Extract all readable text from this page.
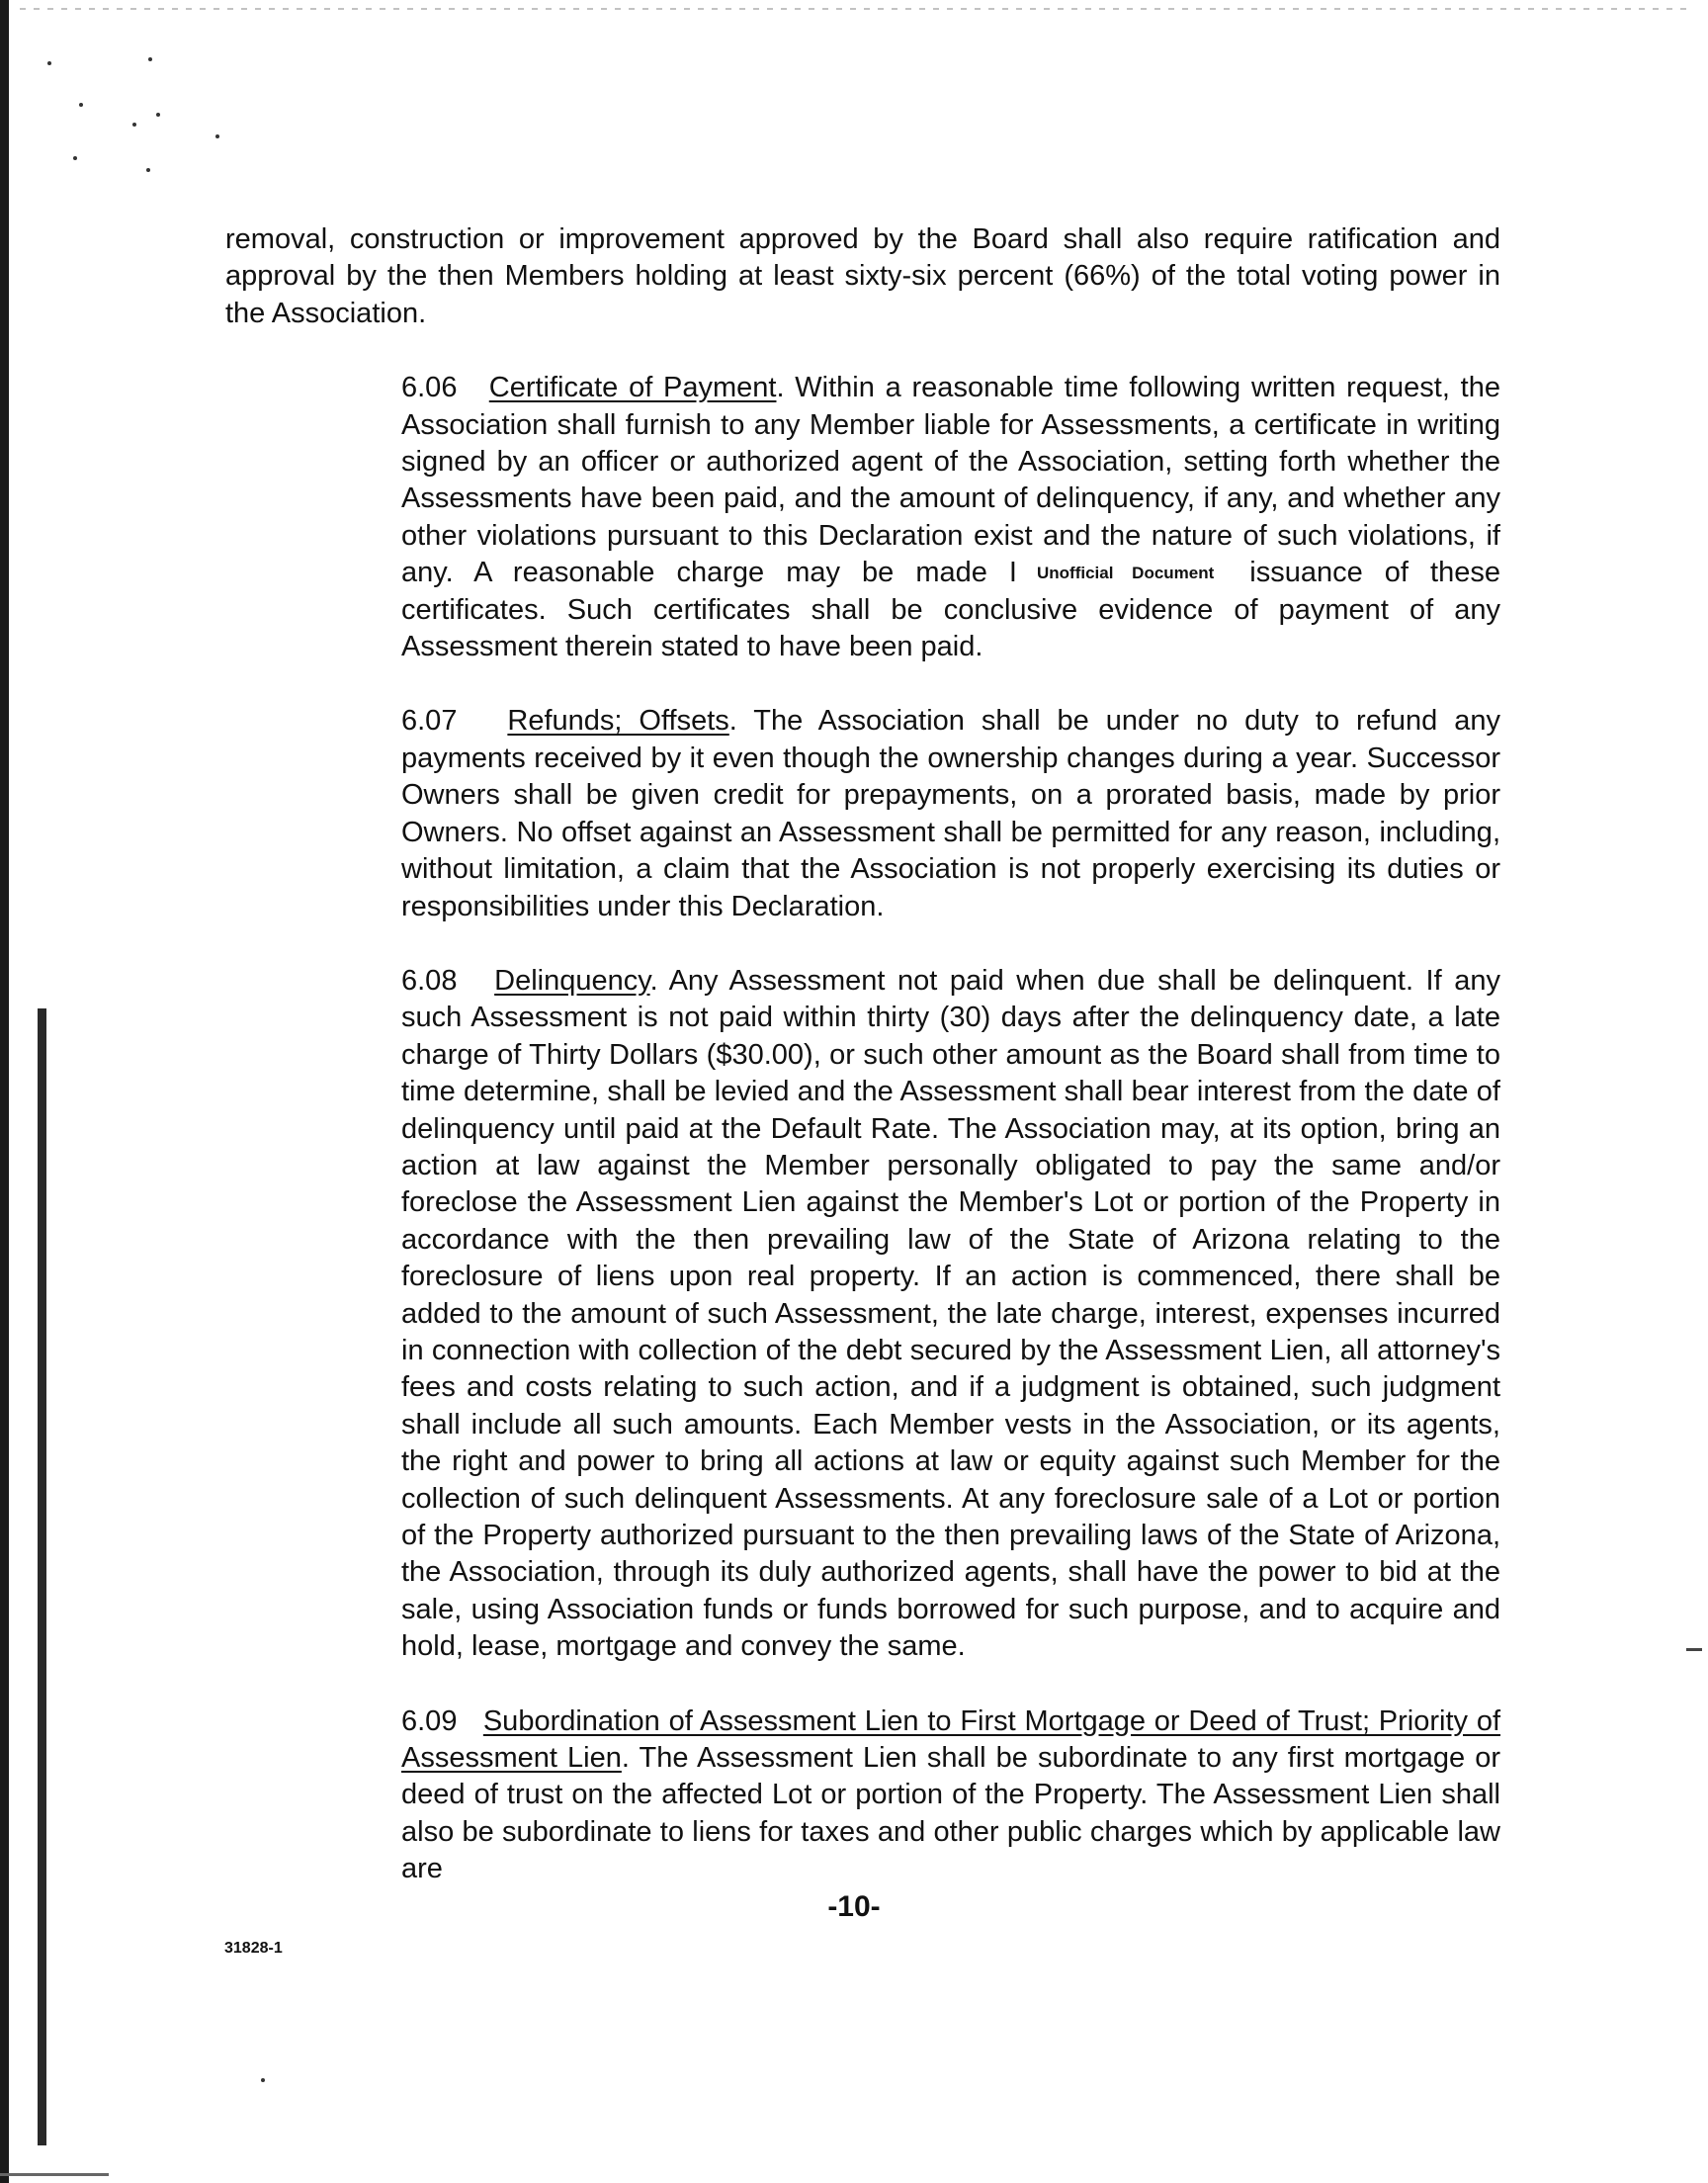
removal, construction or improvement approved by the Board shall also require ratification and approval by the then Members holding at least sixty-six percent (66%) of the total voting power in the Association.

6.06 Certificate of Payment. Within a reasonable time following written request, the Association shall furnish to any Member liable for Assessments, a certificate in writing signed by an officer or authorized agent of the Association, setting forth whether the Assessments have been paid, and the amount of delinquency, if any, and whether any other violations pursuant to this Declaration exist and the nature of such violations, if any. A reasonable charge may be made I Unofficial Document issuance of these certificates. Such certificates shall be conclusive evidence of payment of any Assessment therein stated to have been paid.

6.07 Refunds; Offsets. The Association shall be under no duty to refund any payments received by it even though the ownership changes during a year. Successor Owners shall be given credit for prepayments, on a prorated basis, made by prior Owners. No offset against an Assessment shall be permitted for any reason, including, without limitation, a claim that the Association is not properly exercising its duties or responsibilities under this Declaration.

6.08 Delinquency. Any Assessment not paid when due shall be delinquent. If any such Assessment is not paid within thirty (30) days after the delinquency date, a late charge of Thirty Dollars ($30.00), or such other amount as the Board shall from time to time determine, shall be levied and the Assessment shall bear interest from the date of delinquency until paid at the Default Rate. The Association may, at its option, bring an action at law against the Member personally obligated to pay the same and/or foreclose the Assessment Lien against the Member's Lot or portion of the Property in accordance with the then prevailing law of the State of Arizona relating to the foreclosure of liens upon real property. If an action is commenced, there shall be added to the amount of such Assessment, the late charge, interest, expenses incurred in connection with collection of the debt secured by the Assessment Lien, all attorney's fees and costs relating to such action, and if a judgment is obtained, such judgment shall include all such amounts. Each Member vests in the Association, or its agents, the right and power to bring all actions at law or equity against such Member for the collection of such delinquent Assessments. At any foreclosure sale of a Lot or portion of the Property authorized pursuant to the then prevailing laws of the State of Arizona, the Association, through its duly authorized agents, shall have the power to bid at the sale, using Association funds or funds borrowed for such purpose, and to acquire and hold, lease, mortgage and convey the same.

6.09 Subordination of Assessment Lien to First Mortgage or Deed of Trust; Priority of Assessment Lien. The Assessment Lien shall be subordinate to any first mortgage or deed of trust on the affected Lot or portion of the Property. The Assessment Lien shall also be subordinate to liens for taxes and other public charges which by applicable law are

-10-
31828-1
